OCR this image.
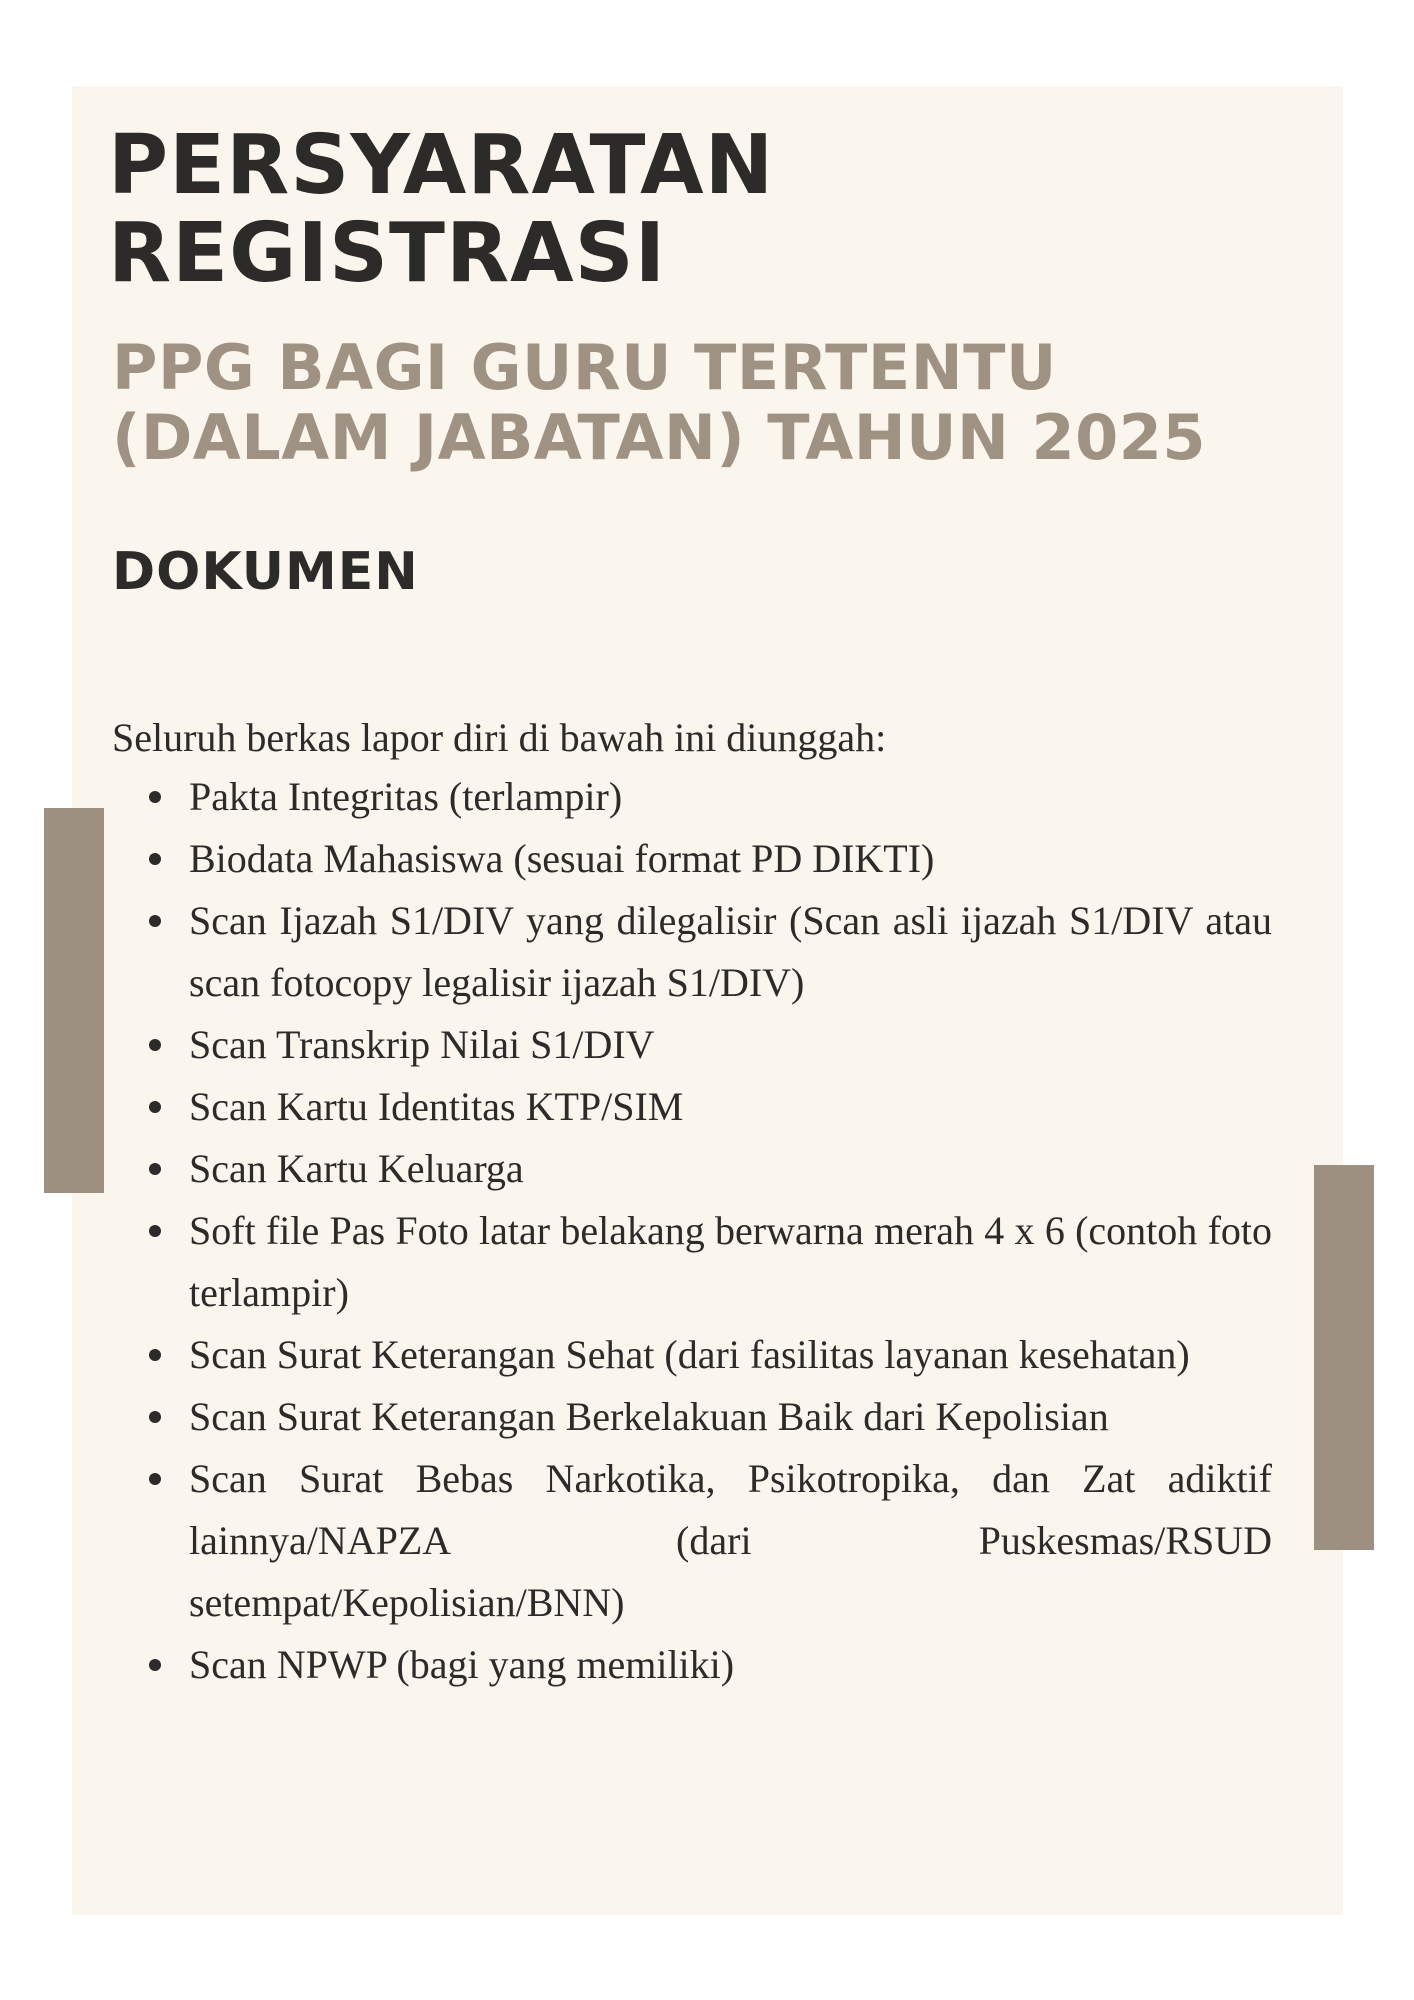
PERSYARATAN
REGISTRASI
PPG BAGI GURU TERTENTU
(DALAM JABATAN) TAHUN 2025
DOKUMEN

Seluruh berkas lapor diri di bawah ini diunggah:

Pakta Integritas (terlampir)
Biodata Mahasiswa (sesuai format PD DIKTI)
Scan Ijazah S1/DIV yang dilegalisir (Scan asli ijazah S1/DIV atau scan fotocopy legalisir ijazah S1/DIV)
Scan Transkrip Nilai S1/DIV
Scan Kartu Identitas KTP/SIM
Scan Kartu Keluarga
Soft file Pas Foto latar belakang berwarna merah 4 x 6 (contoh foto terlampir)
Scan Surat Keterangan Sehat (dari fasilitas layanan kesehatan)
Scan Surat Keterangan Berkelakuan Baik dari Kepolisian
Scan Surat Bebas Narkotika, Psikotropika, dan Zat adiktif lainnya/NAPZA (dari Puskesmas/RSUD setempat/Kepolisian/BNN)
Scan NPWP (bagi yang memiliki)
